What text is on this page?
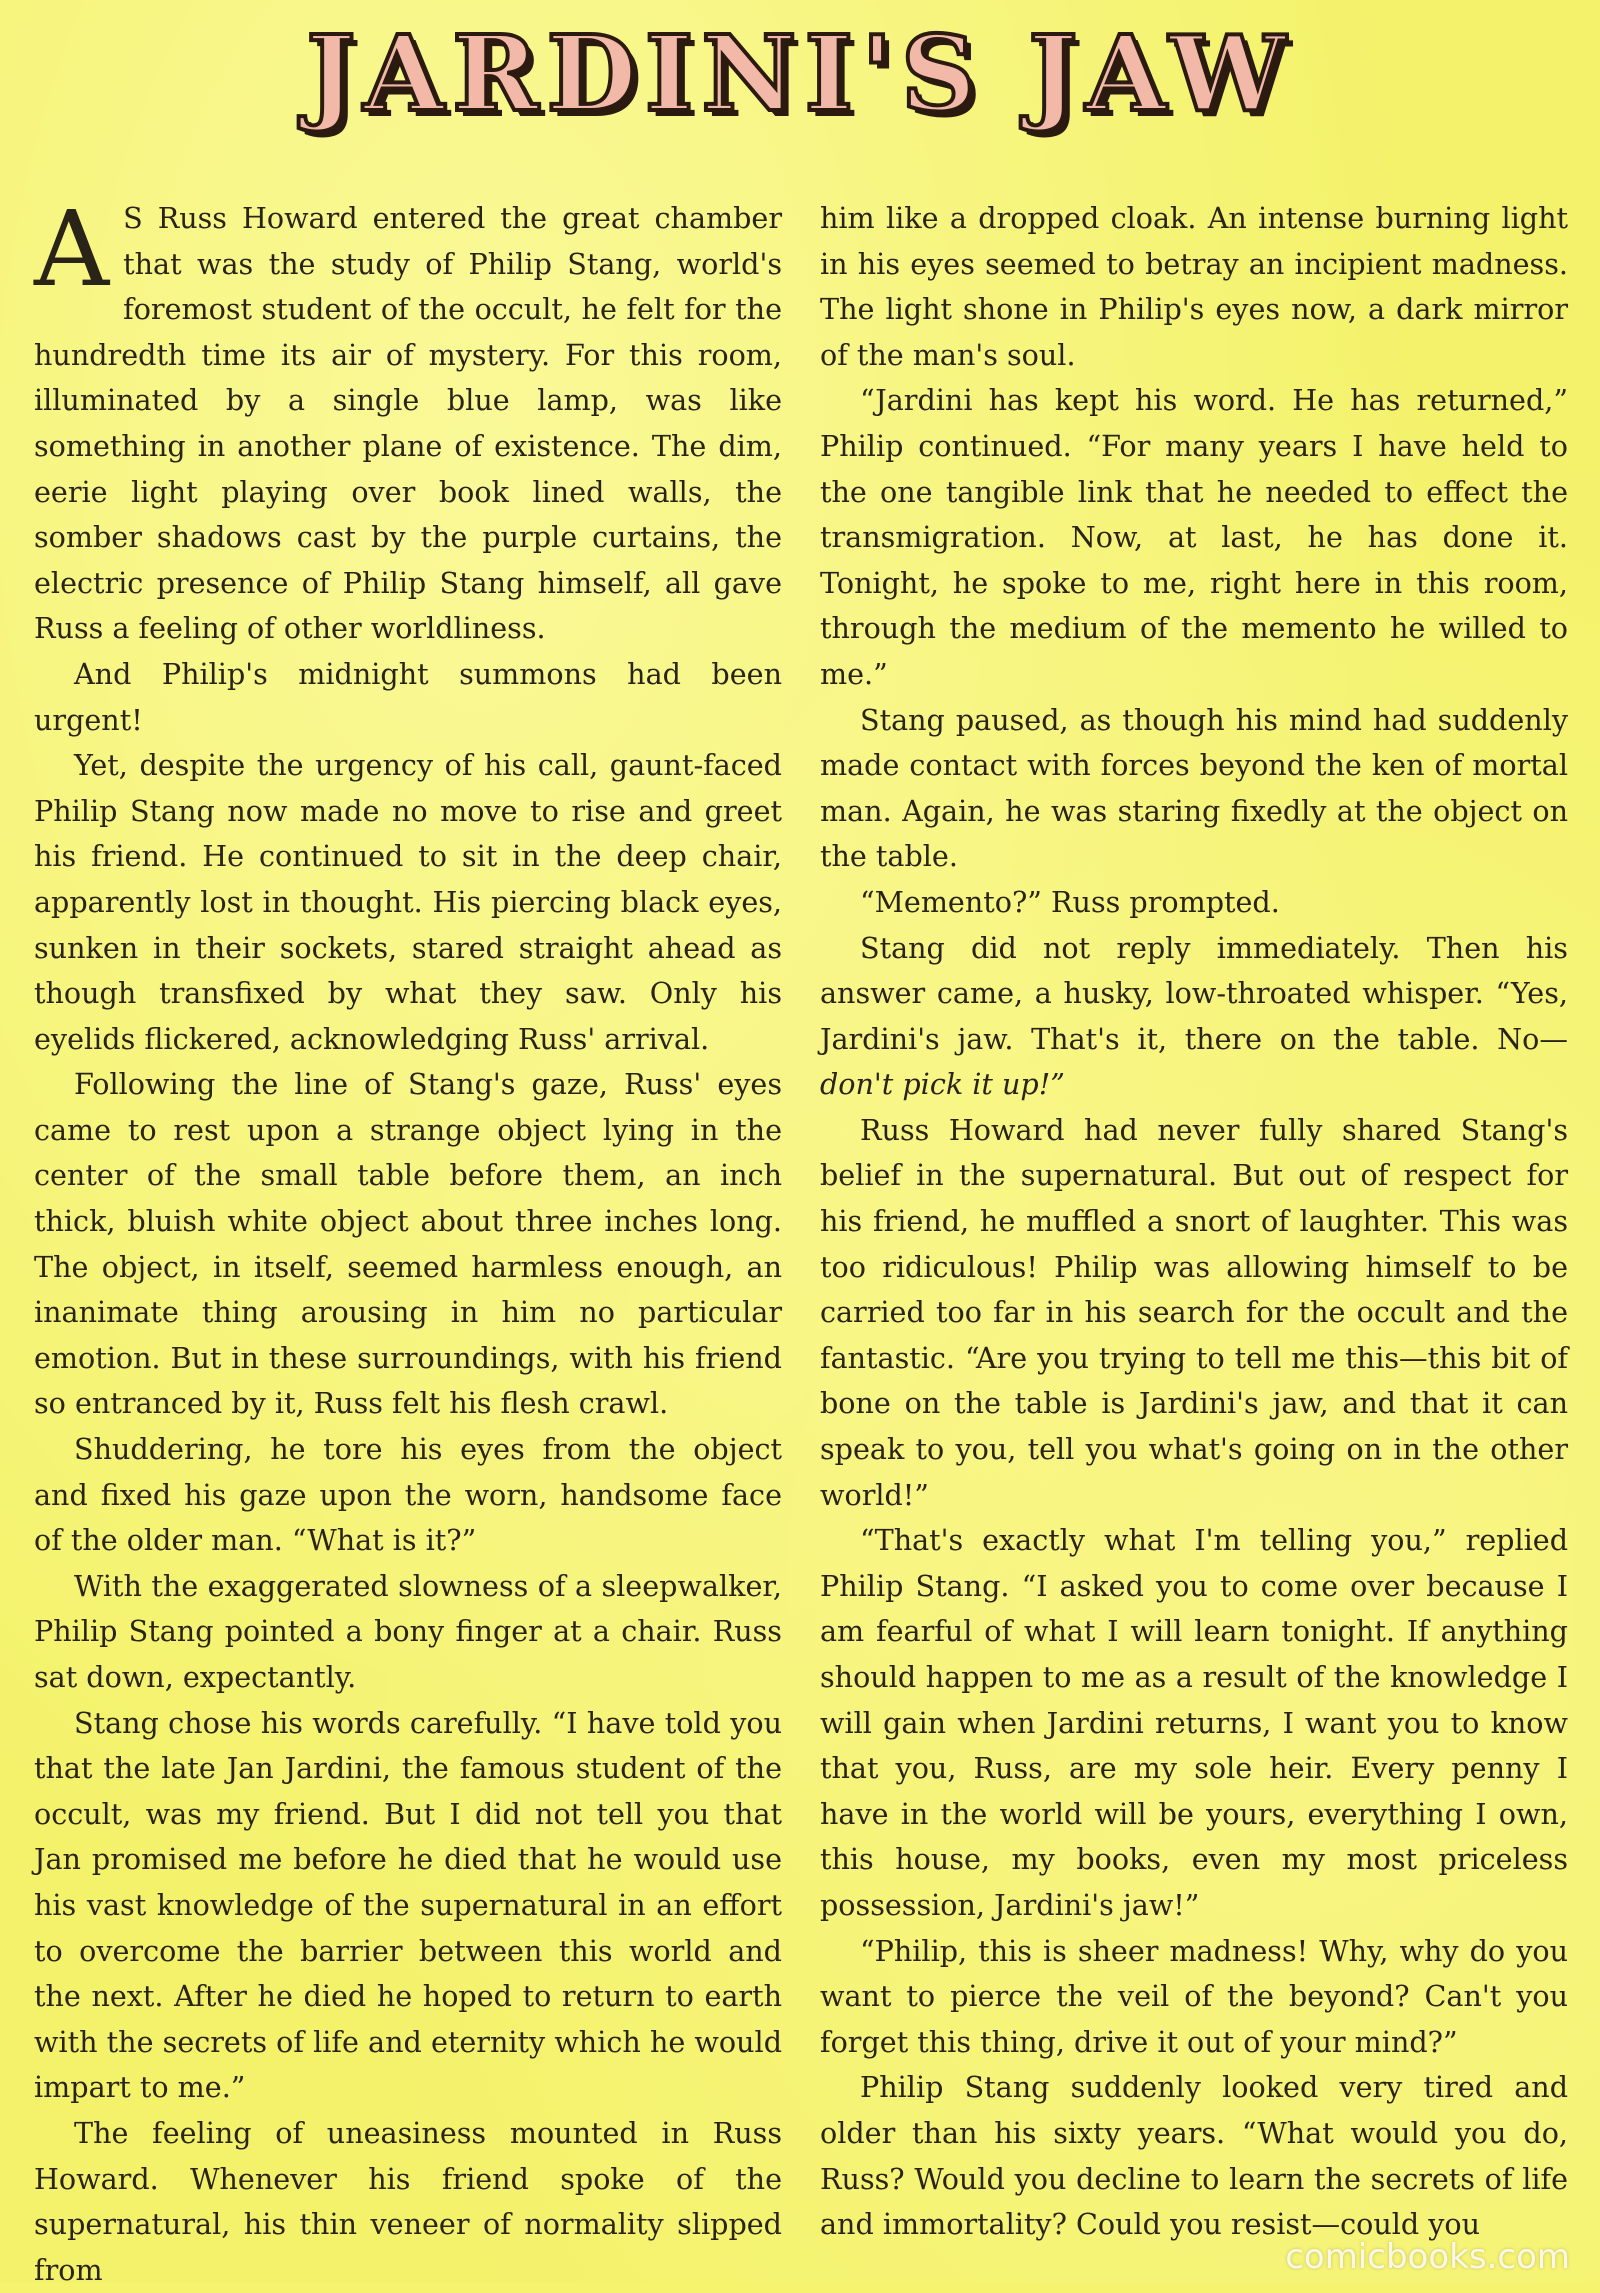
JARDINI'S JAW

A S Russ Howard entered the great chamber that was the study of Philip Stang, world's foremost student of the occult, he felt for the hundredth time its air of mystery. For this room, illuminated by a single blue lamp, was like something in another plane of existence. The dim, eerie light playing over book lined walls, the somber shadows cast by the purple curtains, the electric presence of Philip Stang himself, all gave Russ a feeling of other worldliness.

And Philip's midnight summons had been urgent!

Yet, despite the urgency of his call, gaunt-faced Philip Stang now made no move to rise and greet his friend. He continued to sit in the deep chair, apparently lost in thought. His piercing black eyes, sunken in their sockets, stared straight ahead as though transfixed by what they saw. Only his eyelids flickered, acknowledging Russ' arrival.

Following the line of Stang's gaze, Russ' eyes came to rest upon a strange object lying in the center of the small table before them, an inch thick, bluish white object about three inches long. The object, in itself, seemed harmless enough, an inanimate thing arousing in him no particular emotion. But in these surroundings, with his friend so entranced by it, Russ felt his flesh crawl.

Shuddering, he tore his eyes from the object and fixed his gaze upon the worn, handsome face of the older man. “What is it?”

With the exaggerated slowness of a sleepwalker, Philip Stang pointed a bony finger at a chair. Russ sat down, expectantly.

Stang chose his words carefully. “I have told you that the late Jan Jardini, the famous student of the occult, was my friend. But I did not tell you that Jan promised me before he died that he would use his vast knowledge of the supernatural in an effort to overcome the barrier between this world and the next. After he died he hoped to return to earth with the secrets of life and eternity which he would impart to me.”

The feeling of uneasiness mounted in Russ Howard. Whenever his friend spoke of the supernatural, his thin veneer of normality slipped from

him like a dropped cloak. An intense burning light in his eyes seemed to betray an incipient madness. The light shone in Philip's eyes now, a dark mirror of the man's soul.

“Jardini has kept his word. He has returned,” Philip continued. “For many years I have held to the one tangible link that he needed to effect the transmigration. Now, at last, he has done it. Tonight, he spoke to me, right here in this room, through the medium of the memento he willed to me.”

Stang paused, as though his mind had suddenly made contact with forces beyond the ken of mortal man. Again, he was staring fixedly at the object on the table.

“Memento?” Russ prompted.

Stang did not reply immediately. Then his answer came, a husky, low-throated whisper. “Yes, Jardini's jaw. That's it, there on the table. No— don't pick it up!”

Russ Howard had never fully shared Stang's belief in the supernatural. But out of respect for his friend, he muffled a snort of laughter. This was too ridiculous! Philip was allowing himself to be carried too far in his search for the occult and the fantastic. “Are you trying to tell me this—this bit of bone on the table is Jardini's jaw, and that it can speak to you, tell you what's going on in the other world!”

“That's exactly what I'm telling you,” replied Philip Stang. “I asked you to come over because I am fearful of what I will learn tonight. If anything should happen to me as a result of the knowledge I will gain when Jardini returns, I want you to know that you, Russ, are my sole heir. Every penny I have in the world will be yours, everything I own, this house, my books, even my most priceless possession, Jardini's jaw!”

“Philip, this is sheer madness! Why, why do you want to pierce the veil of the beyond? Can't you forget this thing, drive it out of your mind?”

Philip Stang suddenly looked very tired and older than his sixty years. “What would you do, Russ? Would you decline to learn the secrets of life and immortality? Could you resist—could you

comicbooks.com
